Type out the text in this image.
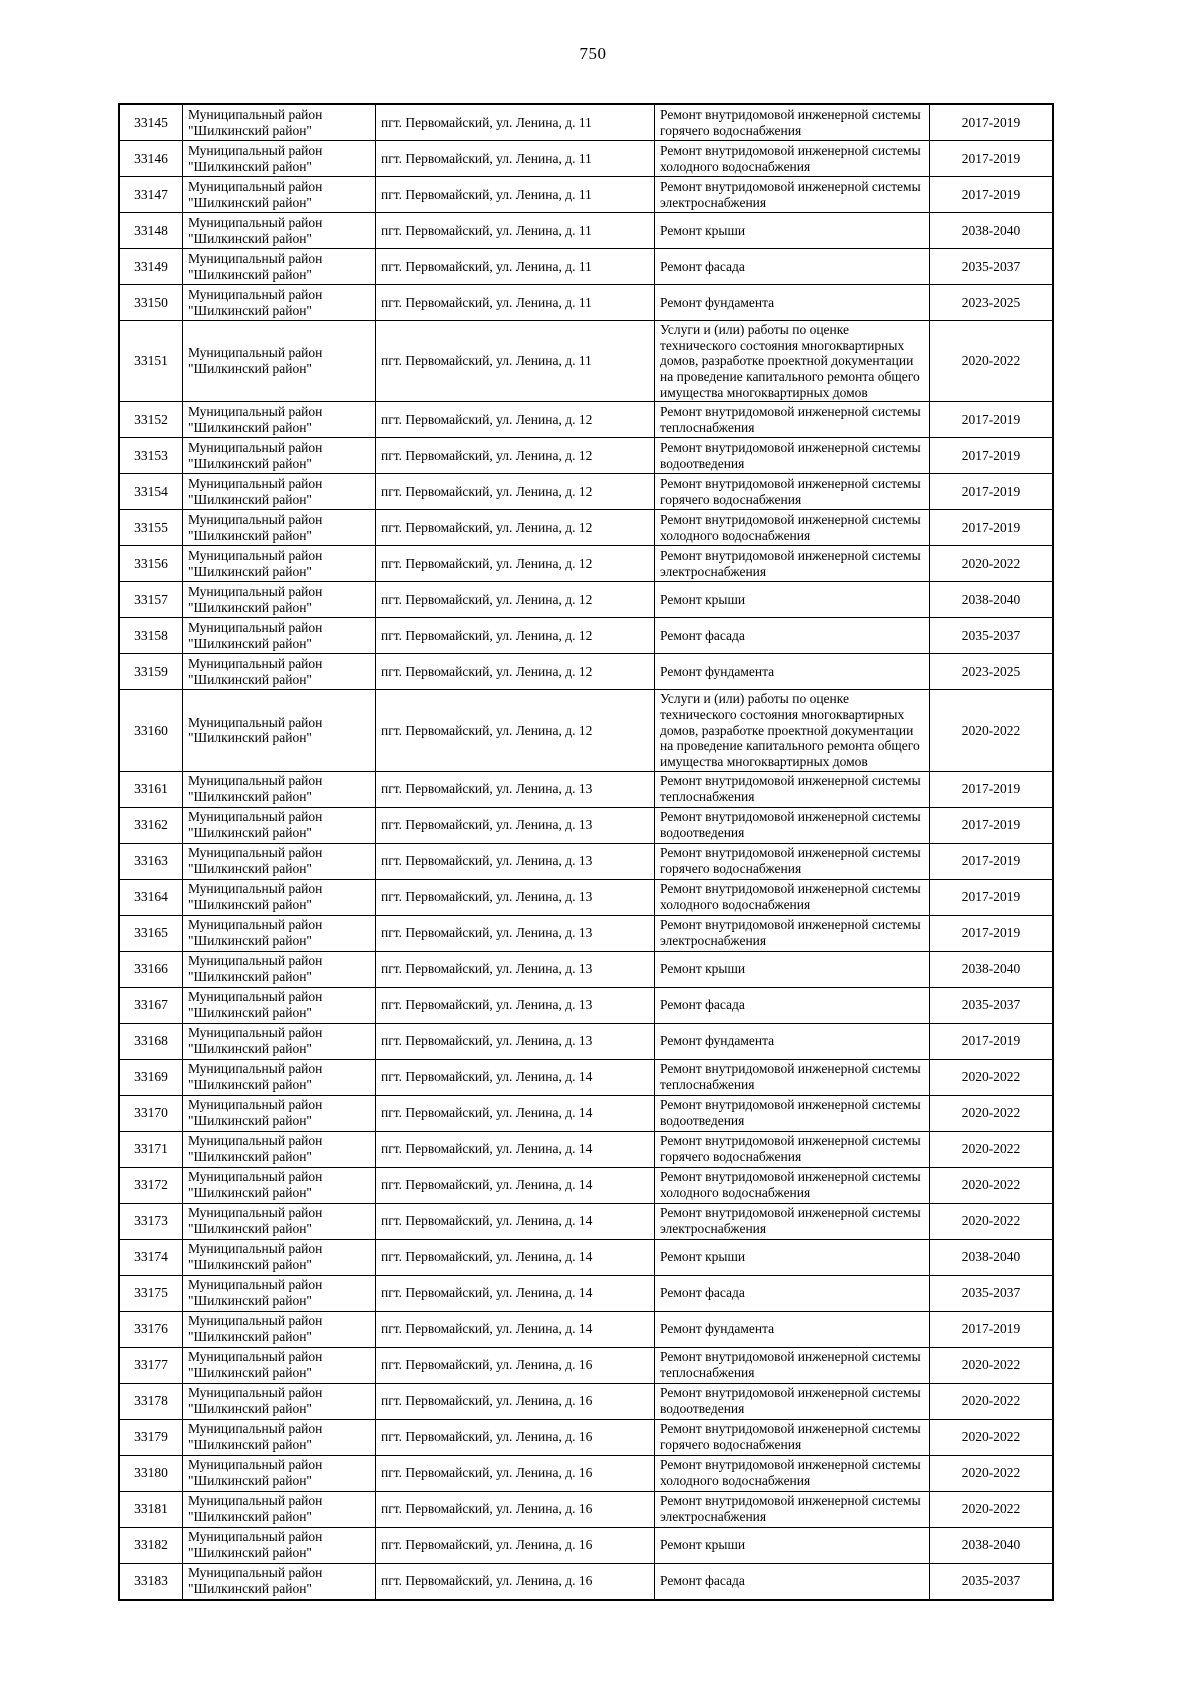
750
33145	Муниципальный район "Шилкинский район"	пгт. Первомайский, ул. Ленина, д. 11	Ремонт внутридомовой инженерной системы горячего водоснабжения	2017-2019
33146	Муниципальный район "Шилкинский район"	пгт. Первомайский, ул. Ленина, д. 11	Ремонт внутридомовой инженерной системы холодного водоснабжения	2017-2019
33147	Муниципальный район "Шилкинский район"	пгт. Первомайский, ул. Ленина, д. 11	Ремонт внутридомовой инженерной системы электроснабжения	2017-2019
33148	Муниципальный район "Шилкинский район"	пгт. Первомайский, ул. Ленина, д. 11	Ремонт крыши	2038-2040
33149	Муниципальный район "Шилкинский район"	пгт. Первомайский, ул. Ленина, д. 11	Ремонт фасада	2035-2037
33150	Муниципальный район "Шилкинский район"	пгт. Первомайский, ул. Ленина, д. 11	Ремонт фундамента	2023-2025
33151	Муниципальный район "Шилкинский район"	пгт. Первомайский, ул. Ленина, д. 11	Услуги и (или) работы по оценке технического состояния многоквартирных домов, разработке проектной документации на проведение капитального ремонта общего имущества многоквартирных домов	2020-2022
33152	Муниципальный район "Шилкинский район"	пгт. Первомайский, ул. Ленина, д. 12	Ремонт внутридомовой инженерной системы теплоснабжения	2017-2019
33153	Муниципальный район "Шилкинский район"	пгт. Первомайский, ул. Ленина, д. 12	Ремонт внутридомовой инженерной системы водоотведения	2017-2019
33154	Муниципальный район "Шилкинский район"	пгт. Первомайский, ул. Ленина, д. 12	Ремонт внутридомовой инженерной системы горячего водоснабжения	2017-2019
33155	Муниципальный район "Шилкинский район"	пгт. Первомайский, ул. Ленина, д. 12	Ремонт внутридомовой инженерной системы холодного водоснабжения	2017-2019
33156	Муниципальный район "Шилкинский район"	пгт. Первомайский, ул. Ленина, д. 12	Ремонт внутридомовой инженерной системы электроснабжения	2020-2022
33157	Муниципальный район "Шилкинский район"	пгт. Первомайский, ул. Ленина, д. 12	Ремонт крыши	2038-2040
33158	Муниципальный район "Шилкинский район"	пгт. Первомайский, ул. Ленина, д. 12	Ремонт фасада	2035-2037
33159	Муниципальный район "Шилкинский район"	пгт. Первомайский, ул. Ленина, д. 12	Ремонт фундамента	2023-2025
33160	Муниципальный район "Шилкинский район"	пгт. Первомайский, ул. Ленина, д. 12	Услуги и (или) работы по оценке технического состояния многоквартирных домов, разработке проектной документации на проведение капитального ремонта общего имущества многоквартирных домов	2020-2022
33161	Муниципальный район "Шилкинский район"	пгт. Первомайский, ул. Ленина, д. 13	Ремонт внутридомовой инженерной системы теплоснабжения	2017-2019
33162	Муниципальный район "Шилкинский район"	пгт. Первомайский, ул. Ленина, д. 13	Ремонт внутридомовой инженерной системы водоотведения	2017-2019
33163	Муниципальный район "Шилкинский район"	пгт. Первомайский, ул. Ленина, д. 13	Ремонт внутридомовой инженерной системы горячего водоснабжения	2017-2019
33164	Муниципальный район "Шилкинский район"	пгт. Первомайский, ул. Ленина, д. 13	Ремонт внутридомовой инженерной системы холодного водоснабжения	2017-2019
33165	Муниципальный район "Шилкинский район"	пгт. Первомайский, ул. Ленина, д. 13	Ремонт внутридомовой инженерной системы электроснабжения	2017-2019
33166	Муниципальный район "Шилкинский район"	пгт. Первомайский, ул. Ленина, д. 13	Ремонт крыши	2038-2040
33167	Муниципальный район "Шилкинский район"	пгт. Первомайский, ул. Ленина, д. 13	Ремонт фасада	2035-2037
33168	Муниципальный район "Шилкинский район"	пгт. Первомайский, ул. Ленина, д. 13	Ремонт фундамента	2017-2019
33169	Муниципальный район "Шилкинский район"	пгт. Первомайский, ул. Ленина, д. 14	Ремонт внутридомовой инженерной системы теплоснабжения	2020-2022
33170	Муниципальный район "Шилкинский район"	пгт. Первомайский, ул. Ленина, д. 14	Ремонт внутридомовой инженерной системы водоотведения	2020-2022
33171	Муниципальный район "Шилкинский район"	пгт. Первомайский, ул. Ленина, д. 14	Ремонт внутридомовой инженерной системы горячего водоснабжения	2020-2022
33172	Муниципальный район "Шилкинский район"	пгт. Первомайский, ул. Ленина, д. 14	Ремонт внутридомовой инженерной системы холодного водоснабжения	2020-2022
33173	Муниципальный район "Шилкинский район"	пгт. Первомайский, ул. Ленина, д. 14	Ремонт внутридомовой инженерной системы электроснабжения	2020-2022
33174	Муниципальный район "Шилкинский район"	пгт. Первомайский, ул. Ленина, д. 14	Ремонт крыши	2038-2040
33175	Муниципальный район "Шилкинский район"	пгт. Первомайский, ул. Ленина, д. 14	Ремонт фасада	2035-2037
33176	Муниципальный район "Шилкинский район"	пгт. Первомайский, ул. Ленина, д. 14	Ремонт фундамента	2017-2019
33177	Муниципальный район "Шилкинский район"	пгт. Первомайский, ул. Ленина, д. 16	Ремонт внутридомовой инженерной системы теплоснабжения	2020-2022
33178	Муниципальный район "Шилкинский район"	пгт. Первомайский, ул. Ленина, д. 16	Ремонт внутридомовой инженерной системы водоотведения	2020-2022
33179	Муниципальный район "Шилкинский район"	пгт. Первомайский, ул. Ленина, д. 16	Ремонт внутридомовой инженерной системы горячего водоснабжения	2020-2022
33180	Муниципальный район "Шилкинский район"	пгт. Первомайский, ул. Ленина, д. 16	Ремонт внутридомовой инженерной системы холодного водоснабжения	2020-2022
33181	Муниципальный район "Шилкинский район"	пгт. Первомайский, ул. Ленина, д. 16	Ремонт внутридомовой инженерной системы электроснабжения	2020-2022
33182	Муниципальный район "Шилкинский район"	пгт. Первомайский, ул. Ленина, д. 16	Ремонт крыши	2038-2040
33183	Муниципальный район "Шилкинский район"	пгт. Первомайский, ул. Ленина, д. 16	Ремонт фасада	2035-2037
